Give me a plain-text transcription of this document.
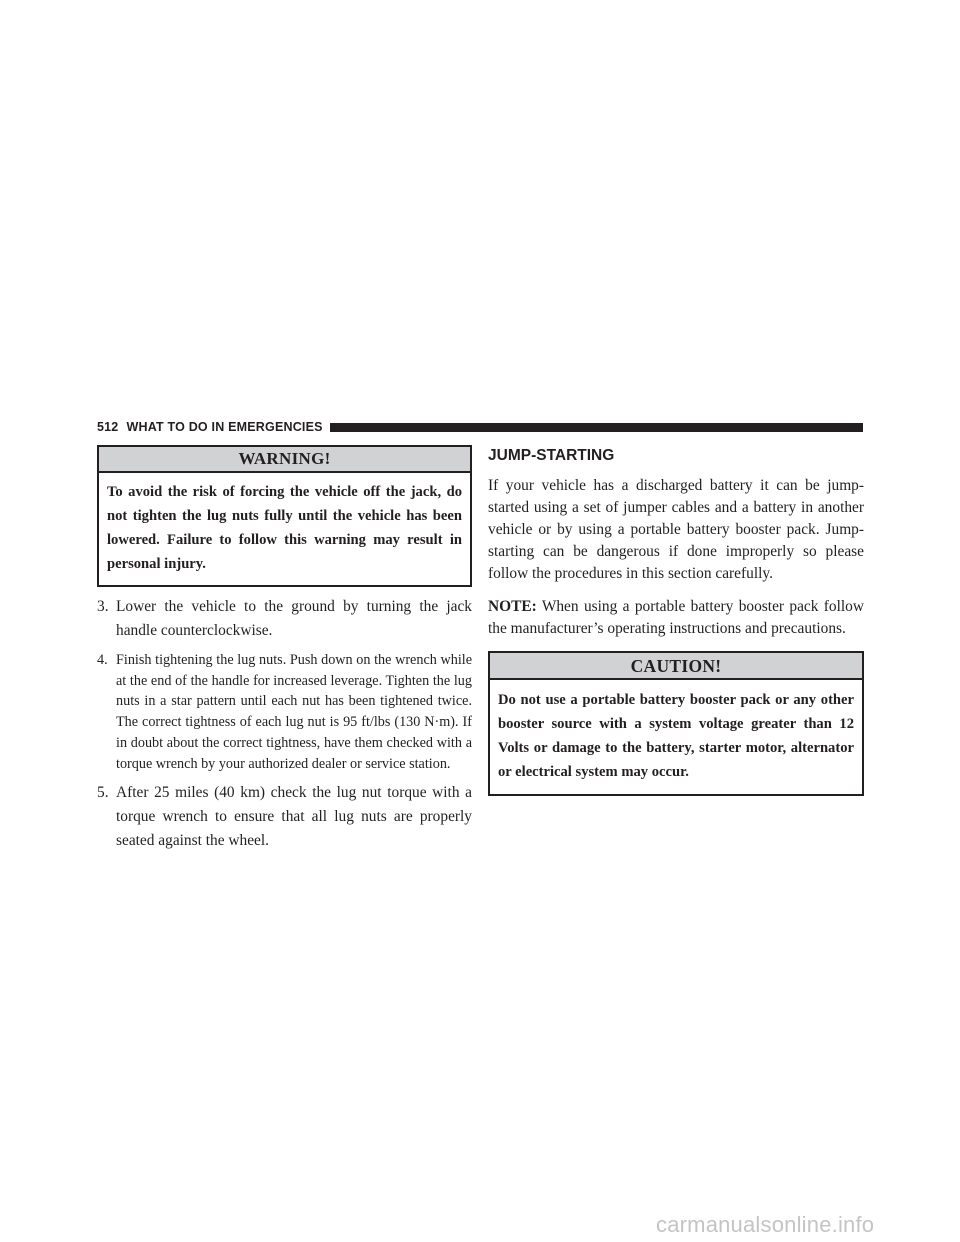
512 WHAT TO DO IN EMERGENCIES
WARNING!
To avoid the risk of forcing the vehicle off the jack, do not tighten the lug nuts fully until the vehicle has been lowered. Failure to follow this warning may result in personal injury.
3. Lower the vehicle to the ground by turning the jack handle counterclockwise.
4. Finish tightening the lug nuts. Push down on the wrench while at the end of the handle for increased leverage. Tighten the lug nuts in a star pattern until each nut has been tightened twice. The correct tightness of each lug nut is 95 ft/lbs (130 N·m). If in doubt about the correct tightness, have them checked with a torque wrench by your authorized dealer or service station.
5. After 25 miles (40 km) check the lug nut torque with a torque wrench to ensure that all lug nuts are properly seated against the wheel.
JUMP-STARTING

If your vehicle has a discharged battery it can be jump-started using a set of jumper cables and a battery in another vehicle or by using a portable battery booster pack. Jump-starting can be dangerous if done improperly so please follow the procedures in this section carefully.

NOTE: When using a portable battery booster pack follow the manufacturer’s operating instructions and precautions.

CAUTION!
Do not use a portable battery booster pack or any other booster source with a system voltage greater than 12 Volts or damage to the battery, starter motor, alternator or electrical system may occur.
carmanualsonline.info
